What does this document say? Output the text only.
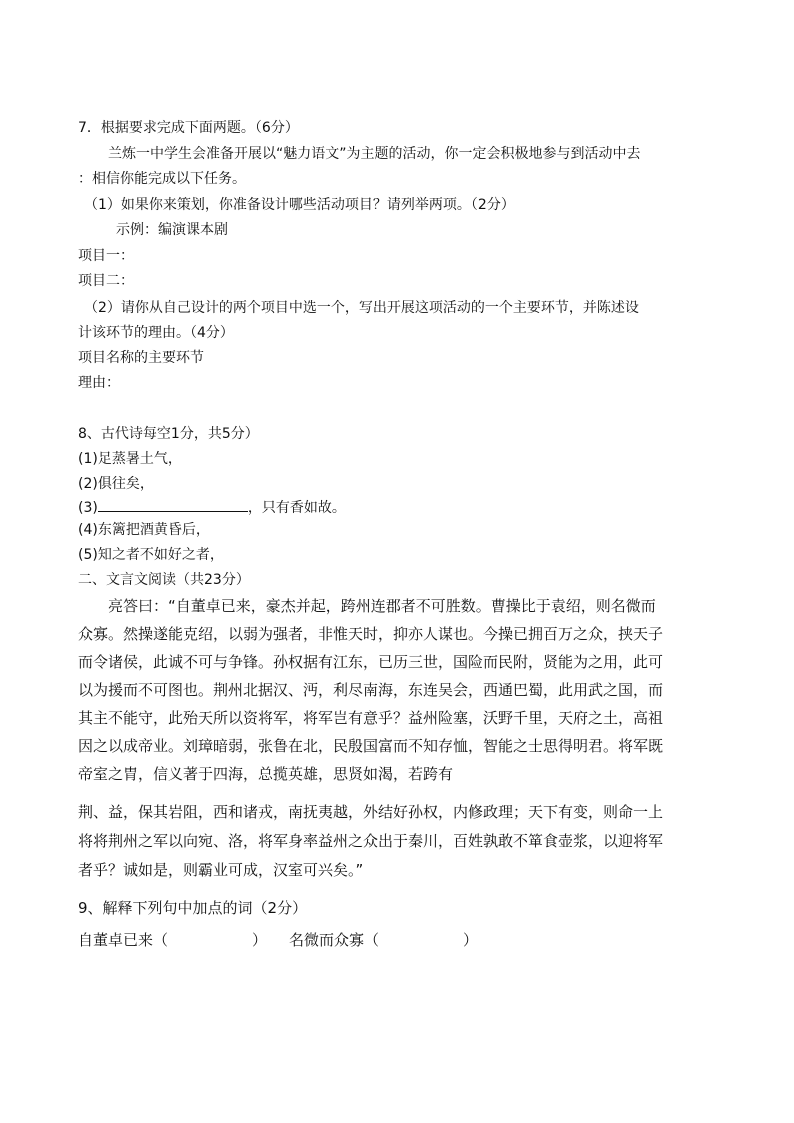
7．根据要求完成下面两题。（6分）
兰炼一中学生会准备开展以“魅力语文”为主题的活动，你一定会积极地参与到活动中去
：相信你能完成以下任务。
（1）如果你来策划，你准备设计哪些活动项目？请列举两项。（2分）
示例：编演课本剧
项目一：
项目二：
（2）请你从自己设计的两个项目中选一个，写出开展这项活动的一个主要环节，并陈述设
计该环节的理由。（4分）
项目名称的主要环节
理由：
8、古代诗每空1分，共5分）
(1)足蒸暑土气，
(2)俱往矣，
(3)	，只有香如故。
(4)东篱把酒黄昏后，
(5)知之者不如好之者，
二、文言文阅读（共23分）
亮答曰：“自董卓已来，豪杰并起，跨州连郡者不可胜数。曹操比于袁绍，则名微而
众寡。然操遂能克绍，以弱为强者，非惟天时，抑亦人谋也。今操已拥百万之众，挟天子
而令诸侯，此诚不可与争锋。孙权据有江东，已历三世，国险而民附，贤能为之用，此可
以为援而不可图也。荆州北据汉、沔，利尽南海，东连吴会，西通巴蜀，此用武之国，而
其主不能守，此殆天所以资将军，将军岂有意乎？益州险塞，沃野千里，天府之土，高祖
因之以成帝业。刘璋暗弱，张鲁在北，民殷国富而不知存恤，智能之士思得明君。将军既
帝室之胄，信义著于四海，总揽英雄，思贤如渴，若跨有
荆、益，保其岩阻，西和诸戎，南抚夷越，外结好孙权，内修政理；天下有变，则命一上
将将荆州之军以向宛、洛，将军身率益州之众出于秦川，百姓孰敢不箪食壶浆，以迎将军
者乎？诚如是，则霸业可成，汉室可兴矣。”
9、解释下列句中加点的词（2分）
自董卓已来（	） 名微而众寡（	）
